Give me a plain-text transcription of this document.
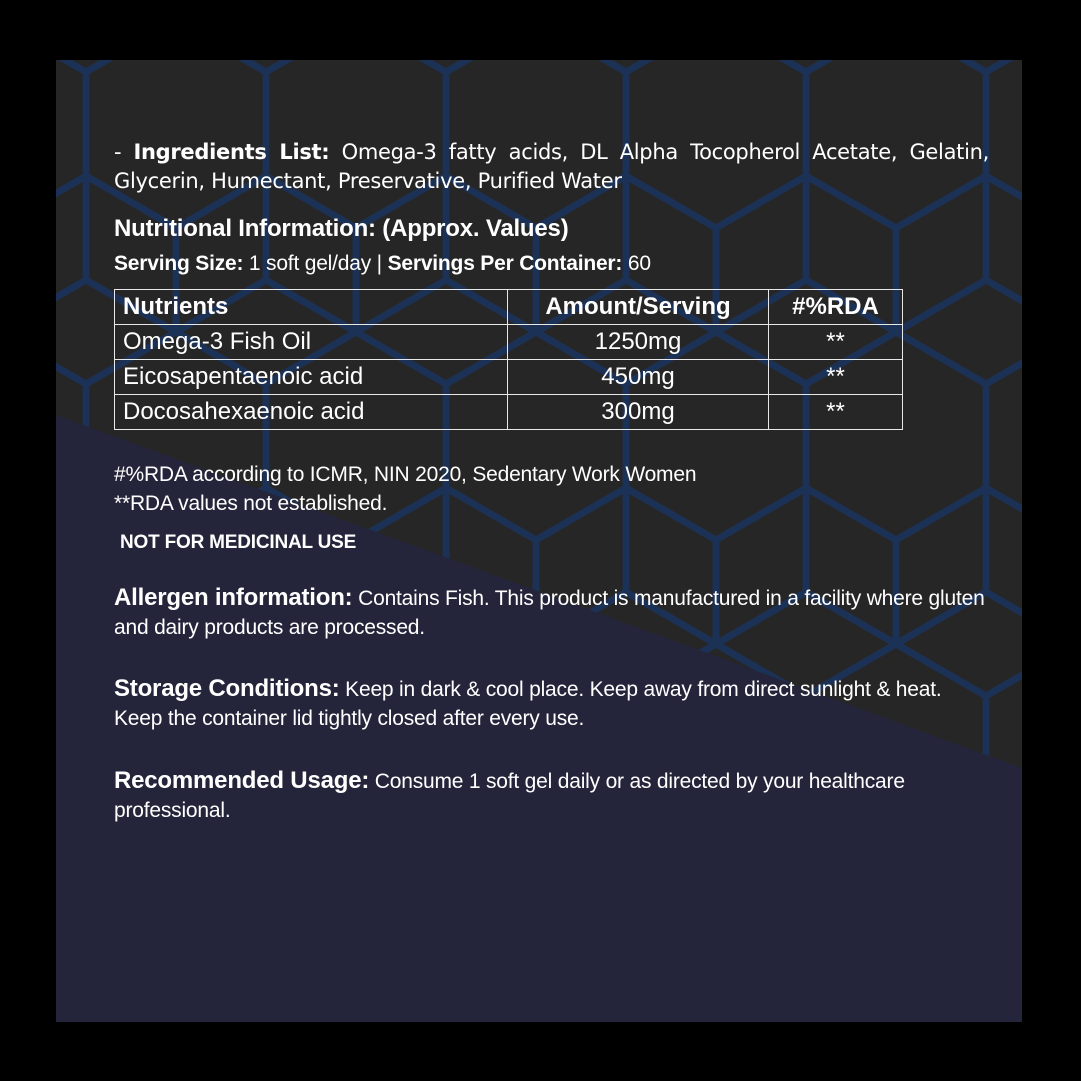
- Ingredients List: Omega-3 fatty acids, DL Alpha Tocopherol Acetate, Gelatin, Glycerin, Humectant, Preservative, Purified Water
Nutritional Information: (Approx. Values)
Serving Size: 1 soft gel/day | Servings Per Container: 60
Nutrients	Amount/Serving	#%RDA
Omega-3 Fish Oil	1250mg	**
Eicosapentaenoic acid	450mg	**
Docosahexaenoic acid	300mg	**
#%RDA according to ICMR, NIN 2020, Sedentary Work Women
**RDA values not established.
NOT FOR MEDICINAL USE
Allergen information: Contains Fish. This product is manufactured in a facility where gluten and dairy products are processed.
Storage Conditions: Keep in dark & cool place. Keep away from direct sunlight & heat. Keep the container lid tightly closed after every use.
Recommended Usage: Consume 1 soft gel daily or as directed by your healthcare professional.
